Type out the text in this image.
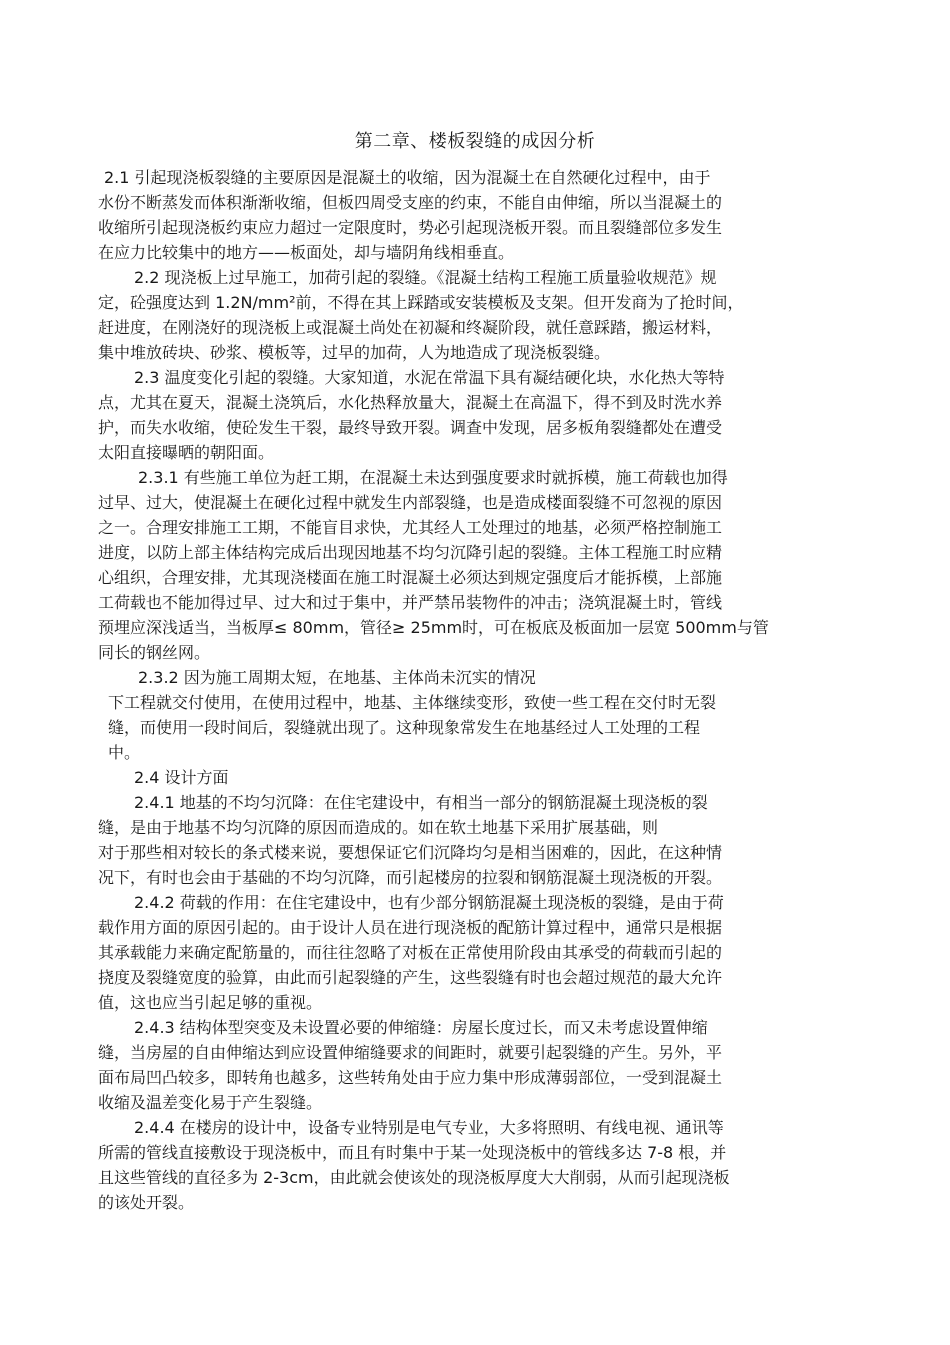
第二章、楼板裂缝的成因分析

2.1 引起现浇板裂缝的主要原因是混凝土的收缩，因为混凝土在自然硬化过程中，由于

水份不断蒸发而体积渐渐收缩，但板四周受支座的约束，不能自由伸缩，所以当混凝土的

收缩所引起现浇板约束应力超过一定限度时，势必引起现浇板开裂。而且裂缝部位多发生

在应力比较集中的地方——板面处，却与墙阴角线相垂直。

2.2 现浇板上过早施工，加荷引起的裂缝。《混凝土结构工程施工质量验收规范》规

定，砼强度达到 1.2N/mm²前，不得在其上踩踏或安装模板及支架。但开发商为了抢时间，

赶进度，在刚浇好的现浇板上或混凝土尚处在初凝和终凝阶段，就任意踩踏，搬运材料，

集中堆放砖块、砂浆、模板等，过早的加荷，人为地造成了现浇板裂缝。

2.3 温度变化引起的裂缝。大家知道，水泥在常温下具有凝结硬化块，水化热大等特

点，尤其在夏天，混凝土浇筑后，水化热释放量大，混凝土在高温下，得不到及时洗水养

护，而失水收缩，使砼发生干裂，最终导致开裂。调查中发现，居多板角裂缝都处在遭受

太阳直接曝晒的朝阳面。

2.3.1 有些施工单位为赶工期，在混凝土未达到强度要求时就拆模，施工荷载也加得

过早、过大，使混凝土在硬化过程中就发生内部裂缝，也是造成楼面裂缝不可忽视的原因

之一。合理安排施工工期，不能盲目求快，尤其经人工处理过的地基，必须严格控制施工

进度，以防上部主体结构完成后出现因地基不均匀沉降引起的裂缝。主体工程施工时应精

心组织，合理安排，尤其现浇楼面在施工时混凝土必须达到规定强度后才能拆模，上部施

工荷载也不能加得过早、过大和过于集中，并严禁吊装物件的冲击；浇筑混凝土时，管线

预埋应深浅适当，当板厚≤ 80mm，管径≥ 25mm时，可在板底及板面加一层宽 500mm与管

同长的钢丝网。

2.3.2 因为施工周期太短，在地基、主体尚未沉实的情况

下工程就交付使用，在使用过程中，地基、主体继续变形，致使一些工程在交付时无裂

缝，而使用一段时间后，裂缝就出现了。这种现象常发生在地基经过人工处理的工程

中。

2.4 设计方面

2.4.1 地基的不均匀沉降：在住宅建设中，有相当一部分的钢筋混凝土现浇板的裂

缝，是由于地基不均匀沉降的原因而造成的。如在软土地基下采用扩展基础，则

对于那些相对较长的条式楼来说，要想保证它们沉降均匀是相当困难的，因此，在这种情

况下，有时也会由于基础的不均匀沉降，而引起楼房的拉裂和钢筋混凝土现浇板的开裂。

2.4.2 荷载的作用：在住宅建设中，也有少部分钢筋混凝土现浇板的裂缝，是由于荷

载作用方面的原因引起的。由于设计人员在进行现浇板的配筋计算过程中，通常只是根据

其承载能力来确定配筋量的，而往往忽略了对板在正常使用阶段由其承受的荷载而引起的

挠度及裂缝宽度的验算，由此而引起裂缝的产生，这些裂缝有时也会超过规范的最大允许

值，这也应当引起足够的重视。

2.4.3 结构体型突变及未设置必要的伸缩缝：房屋长度过长，而又未考虑设置伸缩

缝，当房屋的自由伸缩达到应设置伸缩缝要求的间距时，就要引起裂缝的产生。另外，平

面布局凹凸较多，即转角也越多，这些转角处由于应力集中形成薄弱部位，一受到混凝土

收缩及温差变化易于产生裂缝。

2.4.4 在楼房的设计中，设备专业特别是电气专业，大多将照明、有线电视、通讯等

所需的管线直接敷设于现浇板中，而且有时集中于某一处现浇板中的管线多达 7-8 根，并

且这些管线的直径多为 2-3cm，由此就会使该处的现浇板厚度大大削弱，从而引起现浇板

的该处开裂。
